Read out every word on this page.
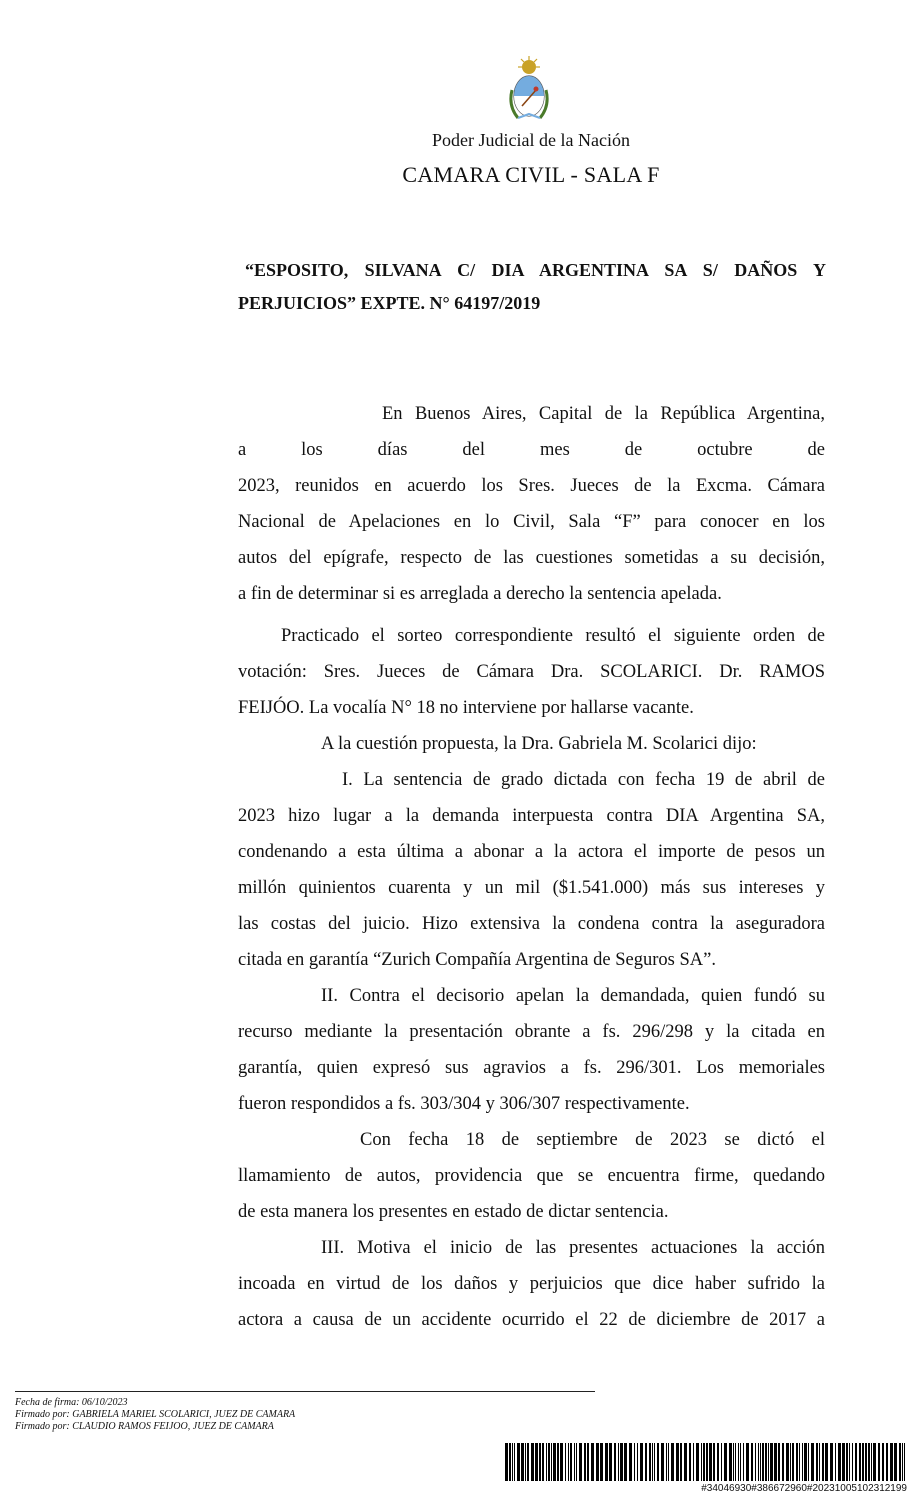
Poder Judicial de la Nación
CAMARA CIVIL - SALA F
“ESPOSITO, SILVANA C/ DIA ARGENTINA SA S/ DAÑOS Y
PERJUICIOS” EXPTE. N° 64197/2019
En Buenos Aires, Capital de la República Argentina,
a los días del mes de octubre de
2023, reunidos en acuerdo los Sres. Jueces de la Excma. Cámara
Nacional de Apelaciones en lo Civil, Sala “F” para conocer en los
autos del epígrafe, respecto de las cuestiones sometidas a su decisión,
a fin de determinar si es arreglada a derecho la sentencia apelada.
Practicado el sorteo correspondiente resultó el siguiente orden de
votación: Sres. Jueces de Cámara Dra. SCOLARICI. Dr. RAMOS
FEIJÓO. La vocalía N° 18 no interviene por hallarse vacante.
A la cuestión propuesta, la Dra. Gabriela M. Scolarici dijo:
I. La sentencia de grado dictada con fecha 19 de abril de
2023 hizo lugar a la demanda interpuesta contra DIA Argentina SA,
condenando a esta última a abonar a la actora el importe de pesos un
millón quinientos cuarenta y un mil ($1.541.000) más sus intereses y
las costas del juicio. Hizo extensiva la condena contra la aseguradora
citada en garantía “Zurich Compañía Argentina de Seguros SA”.
II. Contra el decisorio apelan la demandada, quien fundó su
recurso mediante la presentación obrante a fs. 296/298 y la citada en
garantía, quien expresó sus agravios a fs. 296/301. Los memoriales
fueron respondidos a fs. 303/304 y 306/307 respectivamente.
Con fecha 18 de septiembre de 2023 se dictó el
llamamiento de autos, providencia que se encuentra firme, quedando
de esta manera los presentes en estado de dictar sentencia.
III. Motiva el inicio de las presentes actuaciones la acción
incoada en virtud de los daños y perjuicios que dice haber sufrido la
actora a causa de un accidente ocurrido el 22 de diciembre de 2017 a
Fecha de firma: 06/10/2023
Firmado por: GABRIELA MARIEL SCOLARICI, JUEZ DE CAMARA
Firmado por: CLAUDIO RAMOS FEIJOO, JUEZ DE CAMARA
#34046930#386672960#20231005102312199
